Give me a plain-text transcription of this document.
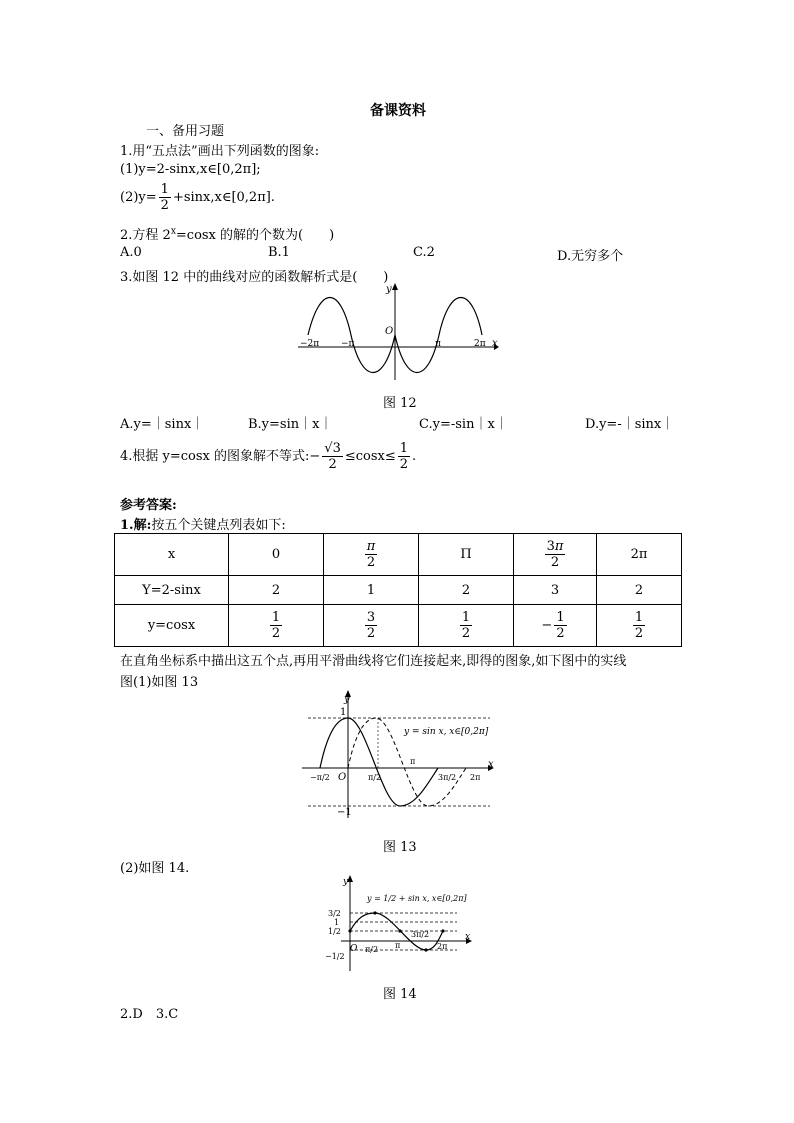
备课资料
一、备用习题
1.用“五点法”画出下列函数的图象:
(1)y=2-sinx,x∈[0,2π];
$(2)y= \frac{1}{2}$ +sinx,x∈[0,2π].
2.方程 $2^x=\cos x$ 的解的个数为(　　)
A.0	B.1	C.2	D.无穷多个
3.如图 12 中的曲线对应的函数解析式是(　　)
O
y
x
−2π −π	π	2π
图 12
A.y=｜sinx｜	B.y=sin｜x｜	C.y=-sin｜x｜	D.y=-｜sinx｜
4.根据 y=cosx 的图象解不等式:− $\frac{√3}{2} \le\cos x\le \frac{1}{2}$ .
参考答案:
1.解:按五个关键点列表如下:
x	0	$\frac{\pi}{2}$	Π	$\frac{3\pi}{2}$	2π
Y=2-sinx	2	1	2	3	2
y=cosx	$\frac{1}{2}$	$\frac{3}{2}$	$\frac{1}{2}$	− $\frac{1}{2}$	$\frac{1}{2}$
在直角坐标系中描出这五个点,再用平滑曲线将它们连接起来,即得的图象,如下图中的实线
图(1)如图 13
y
x
1
−1
O
y = sin x, x∈[0,2π]
−π/2	π/2
π
3π/2 2π
图 13
(2)如图 14.
y
x
y = 1/2 + sin x, x∈[0,2π]
3/2
1
1/2
−1/2
O π/2 π
3π/2
2π
图 14
2.D　3.C
